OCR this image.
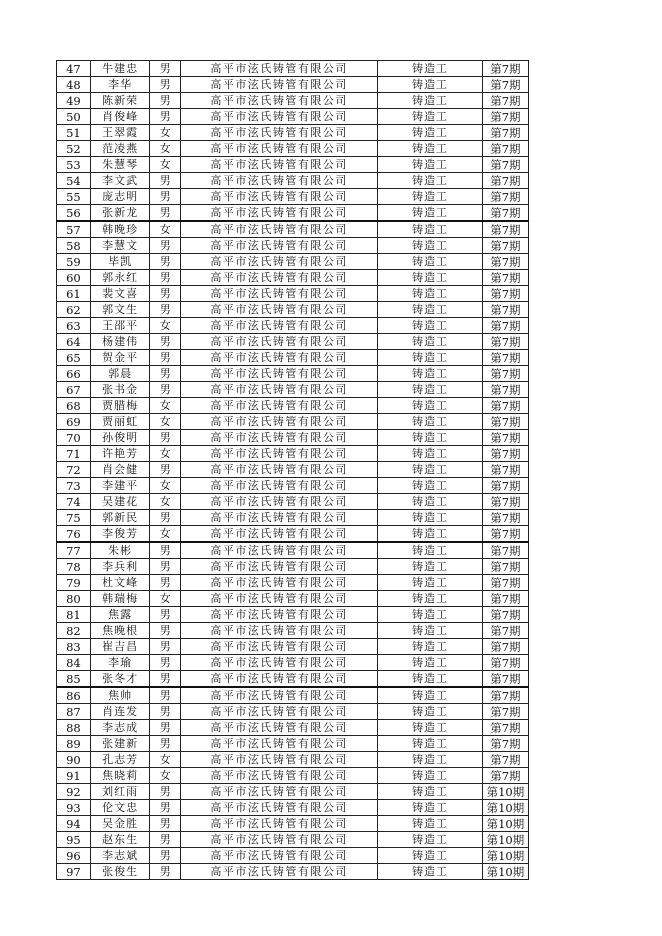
47	牛建忠	男	高平市泫氏铸管有限公司	铸造工	第7期
48	李华	男	高平市泫氏铸管有限公司	铸造工	第7期
49	陈新荣	男	高平市泫氏铸管有限公司	铸造工	第7期
50	肖俊峰	男	高平市泫氏铸管有限公司	铸造工	第7期
51	王翠霞	女	高平市泫氏铸管有限公司	铸造工	第7期
52	范凌燕	女	高平市泫氏铸管有限公司	铸造工	第7期
53	朱慧琴	女	高平市泫氏铸管有限公司	铸造工	第7期
54	李文武	男	高平市泫氏铸管有限公司	铸造工	第7期
55	庞志明	男	高平市泫氏铸管有限公司	铸造工	第7期
56	张新龙	男	高平市泫氏铸管有限公司	铸造工	第7期
57	韩晚珍	女	高平市泫氏铸管有限公司	铸造工	第7期
58	李慧文	男	高平市泫氏铸管有限公司	铸造工	第7期
59	毕凯	男	高平市泫氏铸管有限公司	铸造工	第7期
60	郭永红	男	高平市泫氏铸管有限公司	铸造工	第7期
61	裴文喜	男	高平市泫氏铸管有限公司	铸造工	第7期
62	郭文生	男	高平市泫氏铸管有限公司	铸造工	第7期
63	王邵平	女	高平市泫氏铸管有限公司	铸造工	第7期
64	杨建伟	男	高平市泫氏铸管有限公司	铸造工	第7期
65	贺金平	男	高平市泫氏铸管有限公司	铸造工	第7期
66	郭晨	男	高平市泫氏铸管有限公司	铸造工	第7期
67	张书金	男	高平市泫氏铸管有限公司	铸造工	第7期
68	贾腊梅	女	高平市泫氏铸管有限公司	铸造工	第7期
69	贾丽虹	女	高平市泫氏铸管有限公司	铸造工	第7期
70	孙俊明	男	高平市泫氏铸管有限公司	铸造工	第7期
71	许艳芳	女	高平市泫氏铸管有限公司	铸造工	第7期
72	肖会健	男	高平市泫氏铸管有限公司	铸造工	第7期
73	李建平	女	高平市泫氏铸管有限公司	铸造工	第7期
74	吴建花	女	高平市泫氏铸管有限公司	铸造工	第7期
75	郭新民	男	高平市泫氏铸管有限公司	铸造工	第7期
76	李俊芳	女	高平市泫氏铸管有限公司	铸造工	第7期
77	朱彬	男	高平市泫氏铸管有限公司	铸造工	第7期
78	李兵利	男	高平市泫氏铸管有限公司	铸造工	第7期
79	杜文峰	男	高平市泫氏铸管有限公司	铸造工	第7期
80	韩瑞梅	女	高平市泫氏铸管有限公司	铸造工	第7期
81	焦露	男	高平市泫氏铸管有限公司	铸造工	第7期
82	焦晚根	男	高平市泫氏铸管有限公司	铸造工	第7期
83	崔吉昌	男	高平市泫氏铸管有限公司	铸造工	第7期
84	李瑜	男	高平市泫氏铸管有限公司	铸造工	第7期
85	张冬才	男	高平市泫氏铸管有限公司	铸造工	第7期
86	焦帅	男	高平市泫氏铸管有限公司	铸造工	第7期
87	肖连发	男	高平市泫氏铸管有限公司	铸造工	第7期
88	李志成	男	高平市泫氏铸管有限公司	铸造工	第7期
89	张建新	男	高平市泫氏铸管有限公司	铸造工	第7期
90	孔志芳	女	高平市泫氏铸管有限公司	铸造工	第7期
91	焦晓莉	女	高平市泫氏铸管有限公司	铸造工	第7期
92	刘红雨	男	高平市泫氏铸管有限公司	铸造工	第10期
93	伦文忠	男	高平市泫氏铸管有限公司	铸造工	第10期
94	吴金胜	男	高平市泫氏铸管有限公司	铸造工	第10期
95	赵东生	男	高平市泫氏铸管有限公司	铸造工	第10期
96	李志斌	男	高平市泫氏铸管有限公司	铸造工	第10期
97	张俊生	男	高平市泫氏铸管有限公司	铸造工	第10期
